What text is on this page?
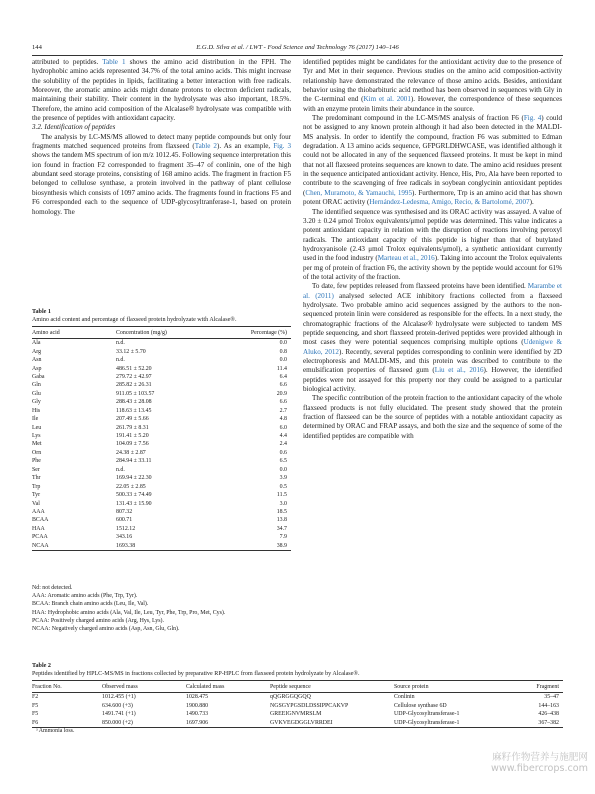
144	E.G.D. Silva et al. / LWT - Food Science and Technology 76 (2017) 140–146

attributed to peptides. Table 1 shows the amino acid distribution in the FPH. The hydrophobic amino acids represented 34.7% of the total amino acids. This might increase the solubility of the peptides in lipids, facilitating a better interaction with free radicals. Moreover, the aromatic amino acids might donate protons to electron deficient radicals, maintaining their stability. Their content in the hydrolysate was also important, 18.5%. Therefore, the amino acid composition of the Alcalase® hydrolysate was compatible with the presence of peptides with antioxidant capacity.

3.2. Identification of peptides

The analysis by LC-MS/MS allowed to detect many peptide compounds but only four fragments matched sequenced proteins from flaxseed (Table 2). As an example, Fig. 3 shows the tandem MS spectrum of ion m/z 1012.45. Following sequence interpretation this ion found in fraction F2 corresponded to fragment 35–47 of conlinin, one of the high abundant seed storage proteins, consisting of 168 amino acids. The fragment in fraction F5 belonged to cellulose synthase, a protein involved in the pathway of plant cellulose biosynthesis which consists of 1097 amino acids. The fragments found in fractions F5 and F6 corresponded each to the sequence of UDP-glycosyltranferase-1, based on protein homology. The

identified peptides might be candidates for the antioxidant activity due to the presence of Tyr and Met in their sequence. Previous studies on the amino acid composition-activity relationship have demonstrated the relevance of those amino acids. Besides, antioxidant behavior using the thiobarbituric acid method has been observed in sequences with Gly in the C-terminal end (Kim et al. 2001). However, the correspondence of these sequences with an enzyme protein limits their abundance in the source.

The predominant compound in the LC-MS/MS analysis of fraction F6 (Fig. 4) could not be assigned to any known protein although it had also been detected in the MALDI-MS analysis. In order to identify the compound, fraction F6 was submitted to Edman degradation. A 13 amino acids sequence, GFPGRLDHWCASE, was identified although it could not be allocated in any of the sequenced flaxseed proteins. It must be kept in mind that not all flaxseed proteins sequences are known to date. The amino acid residues present in the sequence anticipated antioxidant activity. Hence, His, Pro, Ala have been reported to contribute to the scavenging of free radicals in soybean conglycinin antioxidant peptides (Chen, Muramoto, & Yamauchi, 1995). Furthermore, Trp is an amino acid that has shown potent ORAC activity (Hernández-Ledesma, Amigo, Recio, & Bartolomé, 2007).

The identified sequence was synthesised and its ORAC activity was assayed. A value of 3.20 ± 0.24 μmol Trolox equivalents/μmol peptide was determined. This value indicates a potent antioxidant capacity in relation with the disruption of reactions involving peroxyl radicals. The antioxidant capacity of this peptide is higher than that of butylated hydroxyanisole (2.43 μmol Trolox equivalents/μmol), a synthetic antioxidant currently used in the food industry (Marteau et al., 2016). Taking into account the Trolox equivalents per mg of protein of fraction F6, the activity shown by the peptide would account for 61% of the total activity of the fraction.

To date, few peptides released from flaxseed proteins have been identified. Marambe et al. (2011) analysed selected ACE inhibitory fractions collected from a flaxseed hydrolysate. Two probable amino acid sequences assigned by the authors to the non-sequenced protein linin were considered as responsible for the effects. In a next study, the chromatographic fractions of the Alcalase® hydrolysate were subjected to tandem MS peptide sequencing, and short flaxseed protein-derived peptides were provided although in most cases they were potential sequences comprising multiple options (Udenigwe & Aluko, 2012). Recently, several peptides corresponding to conlinin were identified by 2D electrophoresis and MALDI-MS, and this protein was described to contribute to the emulsification properties of flaxseed gum (Liu et al., 2016). However, the identified peptides were not assayed for this property nor they could be assigned to a particular biological activity.

The specific contribution of the protein fraction to the antioxidant capacity of the whole flaxseed products is not fully elucidated. The present study showed that the protein fraction of flaxseed can be the source of peptides with a notable antioxidant capacity as determined by ORAC and FRAP assays, and both the size and the sequence of some of the identified peptides are compatible with

Table 1
Amino acid content and percentage of flaxseed protein hydrolyzate with Alcalase®.
Amino acid	Concentration (mg/g)	Percentage (%)
Ala	n.d.	0.0
Arg	33.12 ± 5.70	0.8
Asn	n.d.	0.0
Asp	486.51 ± 52.20	11.4
Gaba	279.72 ± 42.97	6.4
Gln	285.82 ± 26.31	6.6
Glu	911.05 ± 103.57	20.9
Gly	288.43 ± 28.08	6.6
His	118.63 ± 13.45	2.7
Ile	207.49 ± 5.66	4.8
Leu	261.79 ± 8.31	6.0
Lys	191.41 ± 5.20	4.4
Met	104.09 ± 7.56	2.4
Orn	24.38 ± 2.87	0.6
Phe	284.94 ± 33.11	6.5
Ser	n.d.	0.0
Thr	169.94 ± 22.30	3.9
Trp	22.05 ± 2.85	0.5
Tyr	500.33 ± 74.49	11.5
Val	131.43 ± 15.90	3.0
AAA	807.32	18.5
BCAA	600.71	13.8
HAA	1512.12	34.7
PCAA	343.16	7.9
NCAA	1693.38	38.9
Nd: not detected.
AAA: Aromatic amino acids (Phe, Trp, Tyr).
BCAA: Branch chain amino acids (Leu, Ile, Val).
HAA: Hydrophobic amino acids (Ala, Val, Ile, Leu, Tyr, Phe, Trp, Pro, Met, Cys).
PCAA: Positively charged amino acids (Arg, Hys, Lys).
NCAA: Negatively charged amino acids (Asp, Asn, Glu, Gln).
Table 2
Peptides identified by HPLC-MS/MS in fractions collected by preparative RP-HPLC from flaxseed protein hydrolyzate by Alcalase®.
Fraction No.	Observed mass	Calculated mass	Peptide sequence	Source protein	Fragment
F2	1012.455 (+1)	1028.475	qQGRGGQGQQ	Conlinin	35–47
F5	634.600 (+3)	1900.880	NGSGYPGSDLDSSIPPCAKVP	Cellulose synthase 6D	144–163
F5	1491.741 (+1)	1490.733	GREEIGNVMRSLM	UDP-Glycosyltransferase-1	426–438
F6	850.000 (+2)	1697.906	GVKVEGDGGLVRRDEI	UDP-Glycosyltransferase-1	367–382
ᵃ Ammonia loss.
麻籽作物营养与施肥网
www.fibercrops.com
